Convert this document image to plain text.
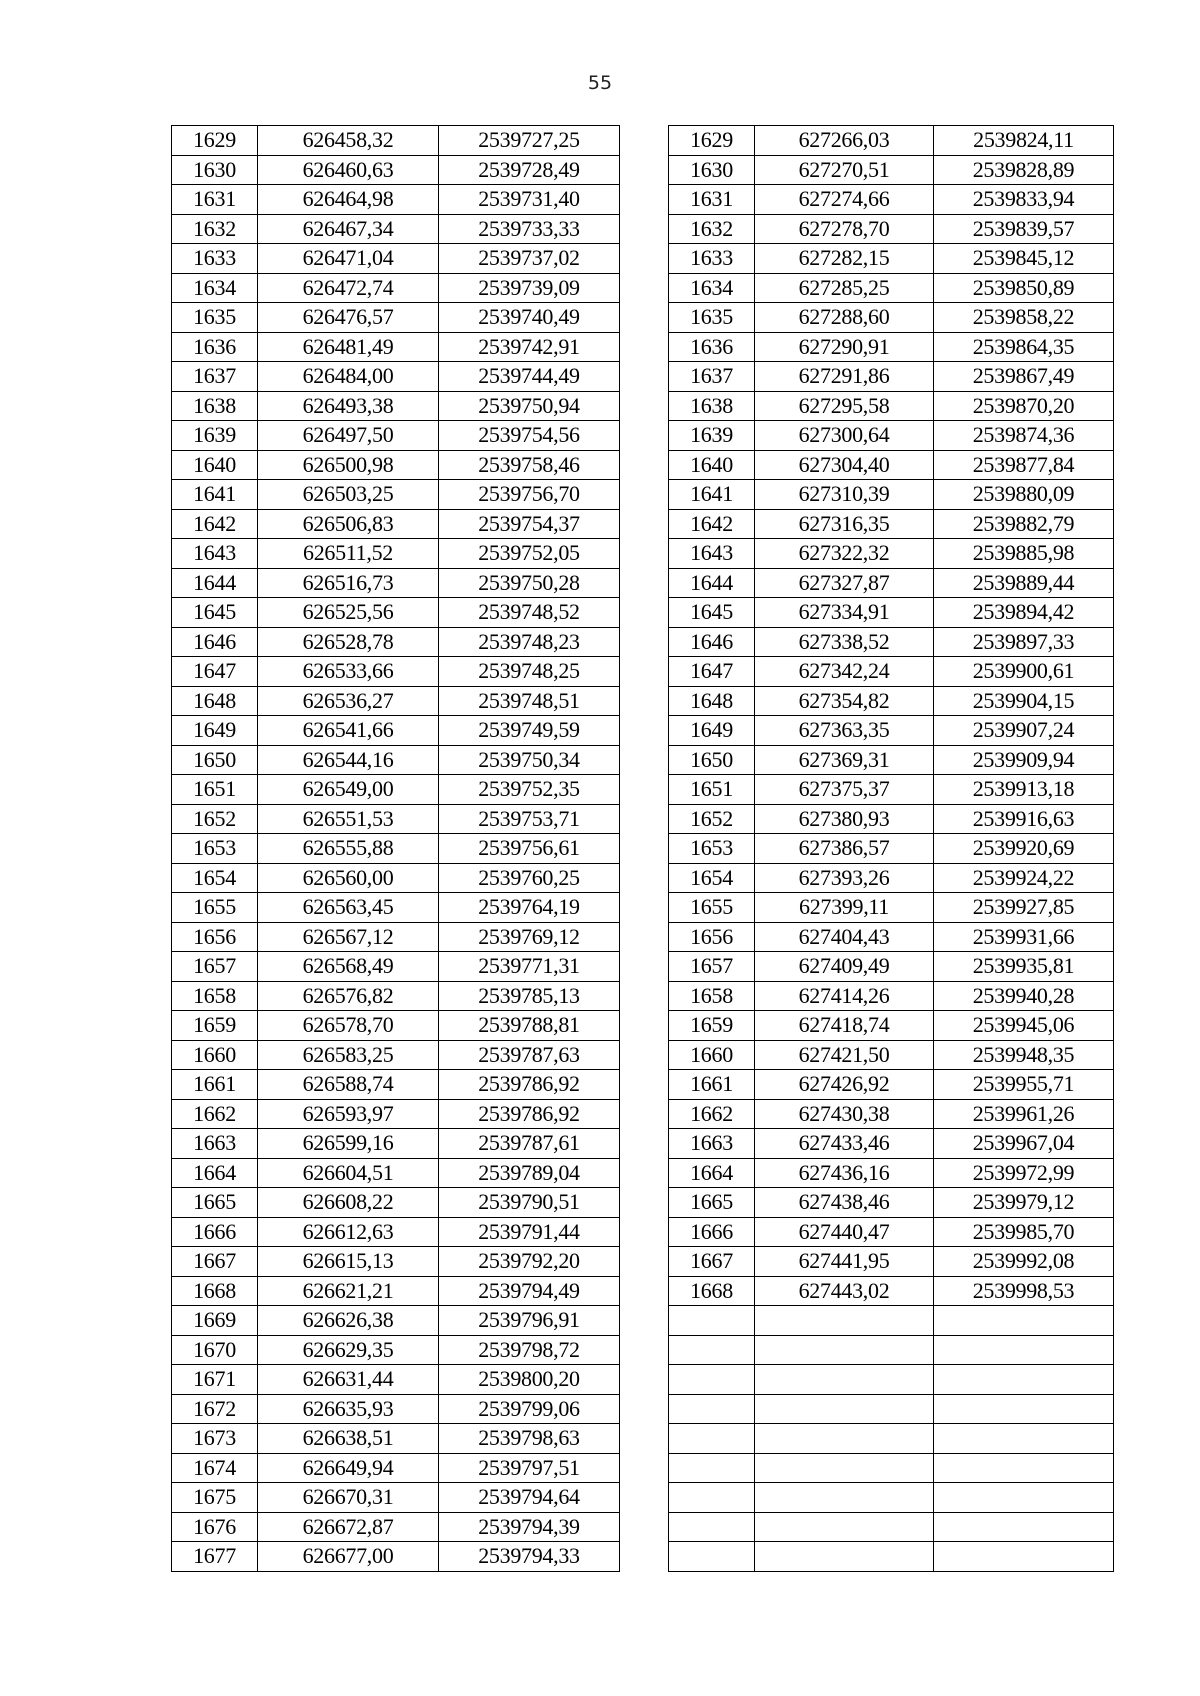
55
1629	626458,32	2539727,25		1629	627266,03	2539824,11
1630	626460,63	2539728,49		1630	627270,51	2539828,89
1631	626464,98	2539731,40		1631	627274,66	2539833,94
1632	626467,34	2539733,33		1632	627278,70	2539839,57
1633	626471,04	2539737,02		1633	627282,15	2539845,12
1634	626472,74	2539739,09		1634	627285,25	2539850,89
1635	626476,57	2539740,49		1635	627288,60	2539858,22
1636	626481,49	2539742,91		1636	627290,91	2539864,35
1637	626484,00	2539744,49		1637	627291,86	2539867,49
1638	626493,38	2539750,94		1638	627295,58	2539870,20
1639	626497,50	2539754,56		1639	627300,64	2539874,36
1640	626500,98	2539758,46		1640	627304,40	2539877,84
1641	626503,25	2539756,70		1641	627310,39	2539880,09
1642	626506,83	2539754,37		1642	627316,35	2539882,79
1643	626511,52	2539752,05		1643	627322,32	2539885,98
1644	626516,73	2539750,28		1644	627327,87	2539889,44
1645	626525,56	2539748,52		1645	627334,91	2539894,42
1646	626528,78	2539748,23		1646	627338,52	2539897,33
1647	626533,66	2539748,25		1647	627342,24	2539900,61
1648	626536,27	2539748,51		1648	627354,82	2539904,15
1649	626541,66	2539749,59		1649	627363,35	2539907,24
1650	626544,16	2539750,34		1650	627369,31	2539909,94
1651	626549,00	2539752,35		1651	627375,37	2539913,18
1652	626551,53	2539753,71		1652	627380,93	2539916,63
1653	626555,88	2539756,61		1653	627386,57	2539920,69
1654	626560,00	2539760,25		1654	627393,26	2539924,22
1655	626563,45	2539764,19		1655	627399,11	2539927,85
1656	626567,12	2539769,12		1656	627404,43	2539931,66
1657	626568,49	2539771,31		1657	627409,49	2539935,81
1658	626576,82	2539785,13		1658	627414,26	2539940,28
1659	626578,70	2539788,81		1659	627418,74	2539945,06
1660	626583,25	2539787,63		1660	627421,50	2539948,35
1661	626588,74	2539786,92		1661	627426,92	2539955,71
1662	626593,97	2539786,92		1662	627430,38	2539961,26
1663	626599,16	2539787,61		1663	627433,46	2539967,04
1664	626604,51	2539789,04		1664	627436,16	2539972,99
1665	626608,22	2539790,51		1665	627438,46	2539979,12
1666	626612,63	2539791,44		1666	627440,47	2539985,70
1667	626615,13	2539792,20		1667	627441,95	2539992,08
1668	626621,21	2539794,49		1668	627443,02	2539998,53
1669	626626,38	2539796,91				
1670	626629,35	2539798,72				
1671	626631,44	2539800,20				
1672	626635,93	2539799,06				
1673	626638,51	2539798,63				
1674	626649,94	2539797,51				
1675	626670,31	2539794,64				
1676	626672,87	2539794,39				
1677	626677,00	2539794,33				
